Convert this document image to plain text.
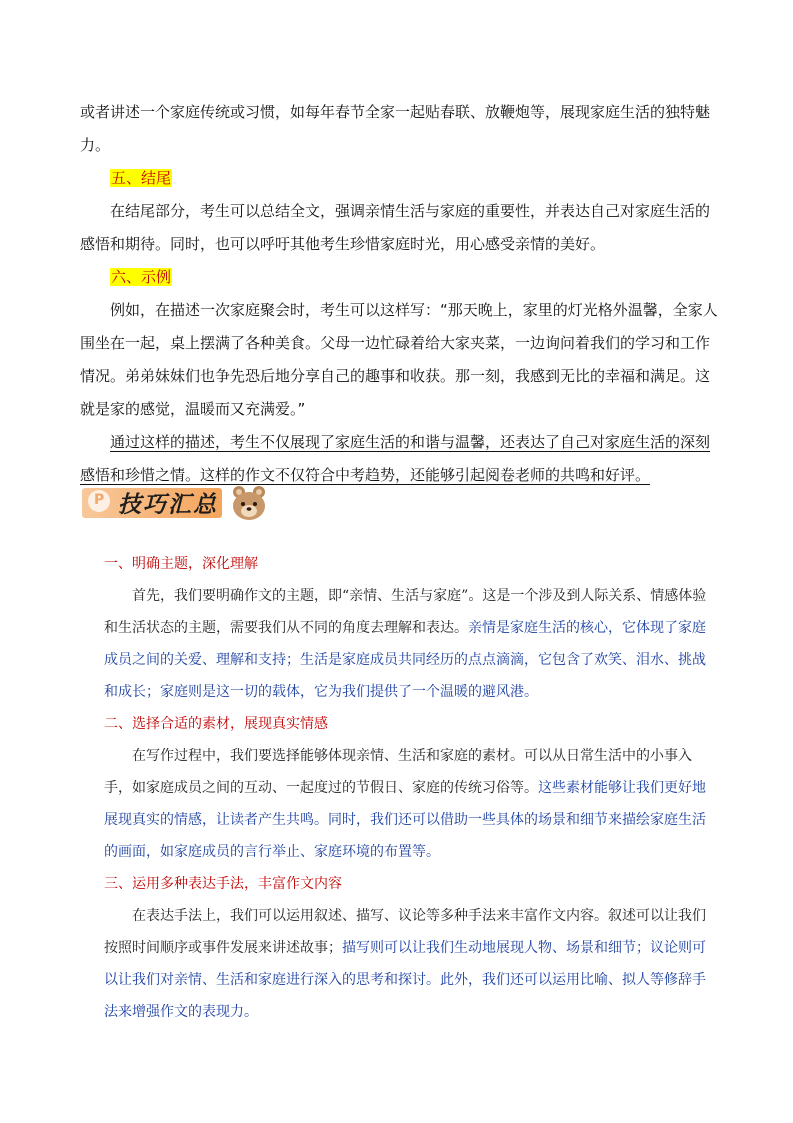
或者讲述一个家庭传统或习惯，如每年春节全家一起贴春联、放鞭炮等，展现家庭生活的独特魅力。

五、结尾

在结尾部分，考生可以总结全文，强调亲情生活与家庭的重要性，并表达自己对家庭生活的感悟和期待。同时，也可以呼吁其他考生珍惜家庭时光，用心感受亲情的美好。

六、示例

例如，在描述一次家庭聚会时，考生可以这样写：“那天晚上，家里的灯光格外温馨，全家人围坐在一起，桌上摆满了各种美食。父母一边忙碌着给大家夹菜，一边询问着我们的学习和工作情况。弟弟妹妹们也争先恐后地分享自己的趣事和收获。那一刻，我感到无比的幸福和满足。这就是家的感觉，温暖而又充满爱。”

通过这样的描述，考生不仅展现了家庭生活的和谐与温馨，还表达了自己对家庭生活的深刻感悟和珍惜之情。这样的作文不仅符合中考趋势，还能够引起阅卷老师的共鸣和好评。

P
技巧汇总

一、明确主题，深化理解

首先，我们要明确作文的主题，即“亲情、生活与家庭”。这是一个涉及到人际关系、情感体验和生活状态的主题，需要我们从不同的角度去理解和表达。亲情是家庭生活的核心，它体现了家庭成员之间的关爱、理解和支持；生活是家庭成员共同经历的点点滴滴，它包含了欢笑、泪水、挑战和成长；家庭则是这一切的载体，它为我们提供了一个温暖的避风港。

二、选择合适的素材，展现真实情感

在写作过程中，我们要选择能够体现亲情、生活和家庭的素材。可以从日常生活中的小事入手，如家庭成员之间的互动、一起度过的节假日、家庭的传统习俗等。这些素材能够让我们更好地展现真实的情感，让读者产生共鸣。同时，我们还可以借助一些具体的场景和细节来描绘家庭生活的画面，如家庭成员的言行举止、家庭环境的布置等。

三、运用多种表达手法，丰富作文内容

在表达手法上，我们可以运用叙述、描写、议论等多种手法来丰富作文内容。叙述可以让我们按照时间顺序或事件发展来讲述故事；描写则可以让我们生动地展现人物、场景和细节；议论则可以让我们对亲情、生活和家庭进行深入的思考和探讨。此外，我们还可以运用比喻、拟人等修辞手法来增强作文的表现力。
